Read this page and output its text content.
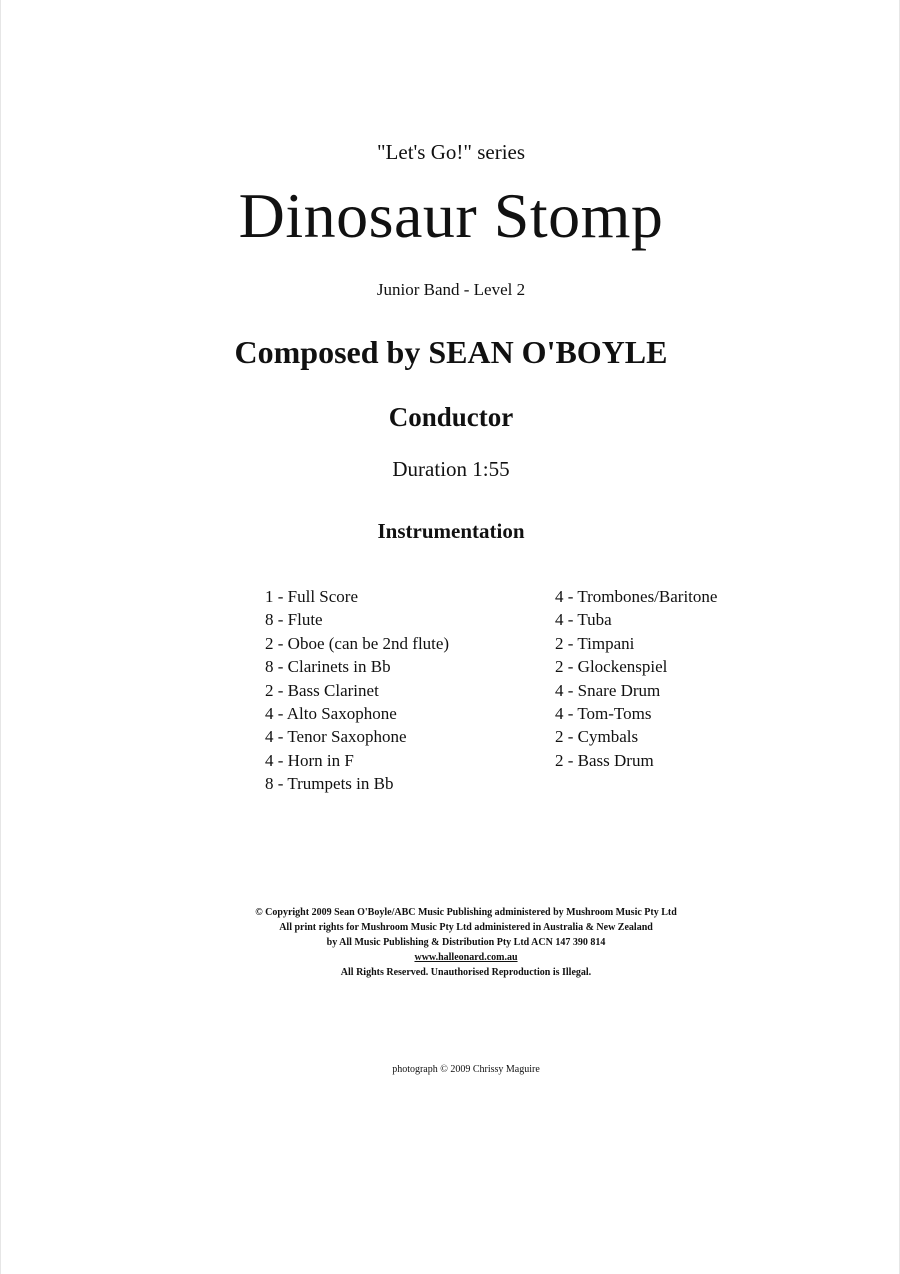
"Let's Go!" series
Dinosaur Stomp
Junior Band - Level 2
Composed by SEAN O'BOYLE
Conductor
Duration 1:55
Instrumentation
1 - Full Score
8 - Flute
2 - Oboe (can be 2nd flute)
8 - Clarinets in Bb
2 - Bass Clarinet
4 - Alto Saxophone
4 - Tenor Saxophone
4 - Horn in F
8 - Trumpets in Bb
4 - Trombones/Baritone
4 - Tuba
2 - Timpani
2 - Glockenspiel
4 - Snare Drum
4 - Tom-Toms
2 - Cymbals
2 - Bass Drum
© Copyright 2009 Sean O'Boyle/ABC Music Publishing administered by Mushroom Music Pty Ltd
All print rights for Mushroom Music Pty Ltd administered in Australia & New Zealand
by All Music Publishing & Distribution Pty Ltd ACN 147 390 814
www.halleonard.com.au
All Rights Reserved. Unauthorised Reproduction is Illegal.
photograph © 2009 Chrissy Maguire
